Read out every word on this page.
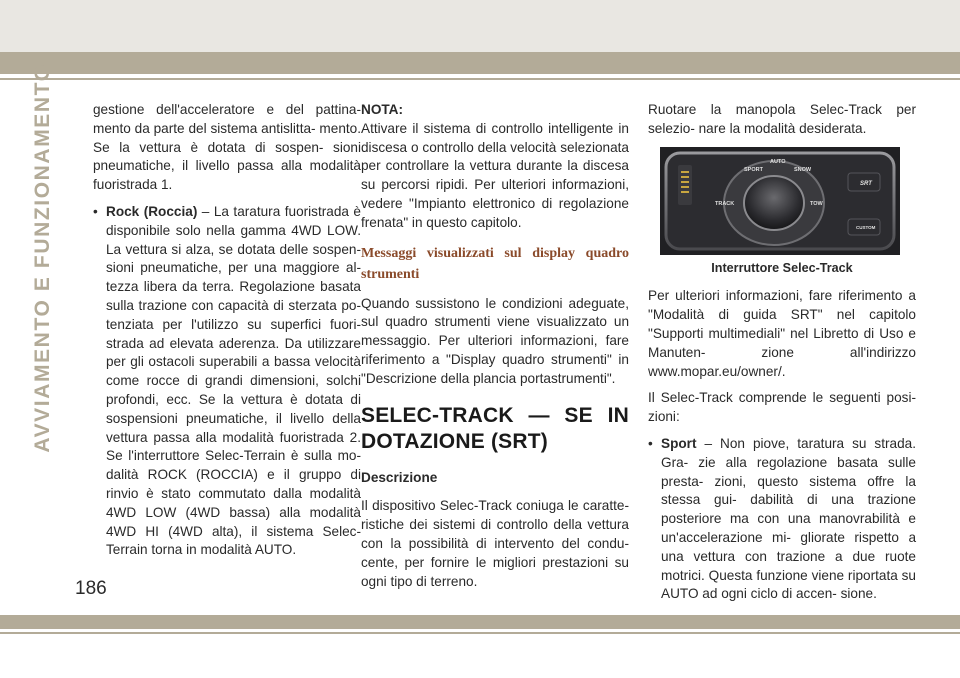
AVVIAMENTO E FUNZIONAMENTO	gestione dell'acceleratore e del pattina- mento da parte del sistema antislitta- mento. Se la vettura è dotata di sospen- sioni pneumatiche, il livello passa alla modalità fuoristrada 1.

• Rock (Roccia) – La taratura fuoristrada è disponibile solo nella gamma 4WD LOW. La vettura si alza, se dotata delle sospen- sioni pneumatiche, per una maggiore al- tezza libera da terra. Regolazione basata sulla trazione con capacità di sterzata po- tenziata per l'utilizzo su superfici fuori- strada ad elevata aderenza. Da utilizzare per gli ostacoli superabili a bassa velocità come rocce di grandi dimensioni, solchi profondi, ecc. Se la vettura è dotata di sospensioni pneumatiche, il livello della vettura passa alla modalità fuoristrada 2. Se l'interruttore Selec-Terrain è sulla mo- dalità ROCK (ROCCIA) e il gruppo di rinvio è stato commutato dalla modalità 4WD LOW (4WD bassa) alla modalità 4WD HI (4WD alta), il sistema Selec-Terrain torna in modalità AUTO.

NOTA:
Attivare il sistema di controllo intelligente in discesa o controllo della velocità selezionata per controllare la vettura durante la discesa su percorsi ripidi. Per ulteriori informazioni, vedere "Impianto elettronico di regolazione frenata" in questo capitolo.

Messaggi visualizzati sul display quadro strumenti

Quando sussistono le condizioni adeguate, sul quadro strumenti viene visualizzato un messaggio. Per ulteriori informazioni, fare riferimento a "Display quadro strumenti" in "Descrizione della plancia portastrumenti".

SELEC-TRACK — SE IN DOTAZIONE (SRT)
Descrizione

Il dispositivo Selec-Track coniuga le caratte- ristiche dei sistemi di controllo della vettura con la possibilità di intervento del condu- cente, per fornire le migliori prestazioni su ogni tipo di terreno.

Ruotare la manopola Selec-Track per selezio- nare la modalità desiderata.

SPORT
AUTO
SNOW
TRACK	TOW
SRT
CUSTOM
Interruttore Selec-Track

Per ulteriori informazioni, fare riferimento a "Modalità di guida SRT" nel capitolo "Supporti multimediali" nel Libretto di Uso e Manuten- zione all'indirizzo www.mopar.eu/owner/.

Il Selec-Track comprende le seguenti posi- zioni:

• Sport – Non piove, taratura su strada. Gra- zie alla regolazione basata sulle presta- zioni, questo sistema offre la stessa gui- dabilità di una trazione posteriore ma con una manovrabilità e un'accelerazione mi- gliorate rispetto a una vettura con trazione a due ruote motrici. Questa funzione viene riportata su AUTO ad ogni ciclo di accen- sione.
186
